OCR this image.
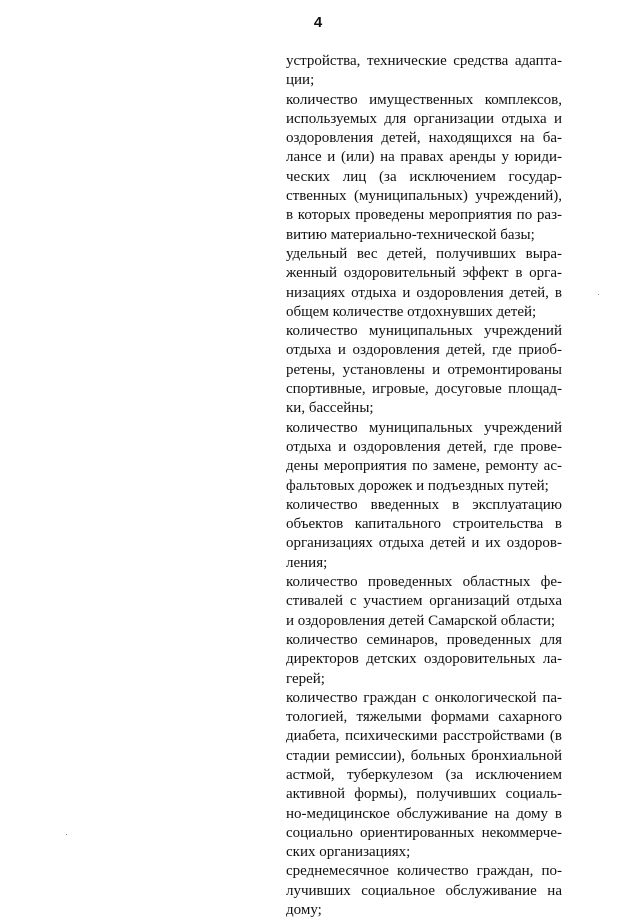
4
устройства, технические средства адапта-
ции;
количество имущественных комплексов,
используемых для организации отдыха и
оздоровления детей, находящихся на ба-
лансе и (или) на правах аренды у юриди-
ческих лиц (за исключением государ-
ственных (муниципальных) учреждений),
в которых проведены мероприятия по раз-
витию материально-технической базы;
удельный вес детей, получивших выра-
женный оздоровительный эффект в орга-
низациях отдыха и оздоровления детей, в
общем количестве отдохнувших детей;
количество муниципальных учреждений
отдыха и оздоровления детей, где приоб-
ретены, установлены и отремонтированы
спортивные, игровые, досуговые площад-
ки, бассейны;
количество муниципальных учреждений
отдыха и оздоровления детей, где прове-
дены мероприятия по замене, ремонту ас-
фальтовых дорожек и подъездных путей;
количество введенных в эксплуатацию
объектов капитального строительства в
организациях отдыха детей и их оздоров-
ления;
количество проведенных областных фе-
стивалей с участием организаций отдыха
и оздоровления детей Самарской области;
количество семинаров, проведенных для
директоров детских оздоровительных ла-
герей;
количество граждан с онкологической па-
тологией, тяжелыми формами сахарного
диабета, психическими расстройствами (в
стадии ремиссии), больных бронхиальной
астмой, туберкулезом (за исключением
активной формы), получивших социаль-
но-медицинское обслуживание на дому в
социально ориентированных некоммерче-
ских организациях;
среднемесячное количество граждан, по-
лучивших социальное обслуживание на
дому;
